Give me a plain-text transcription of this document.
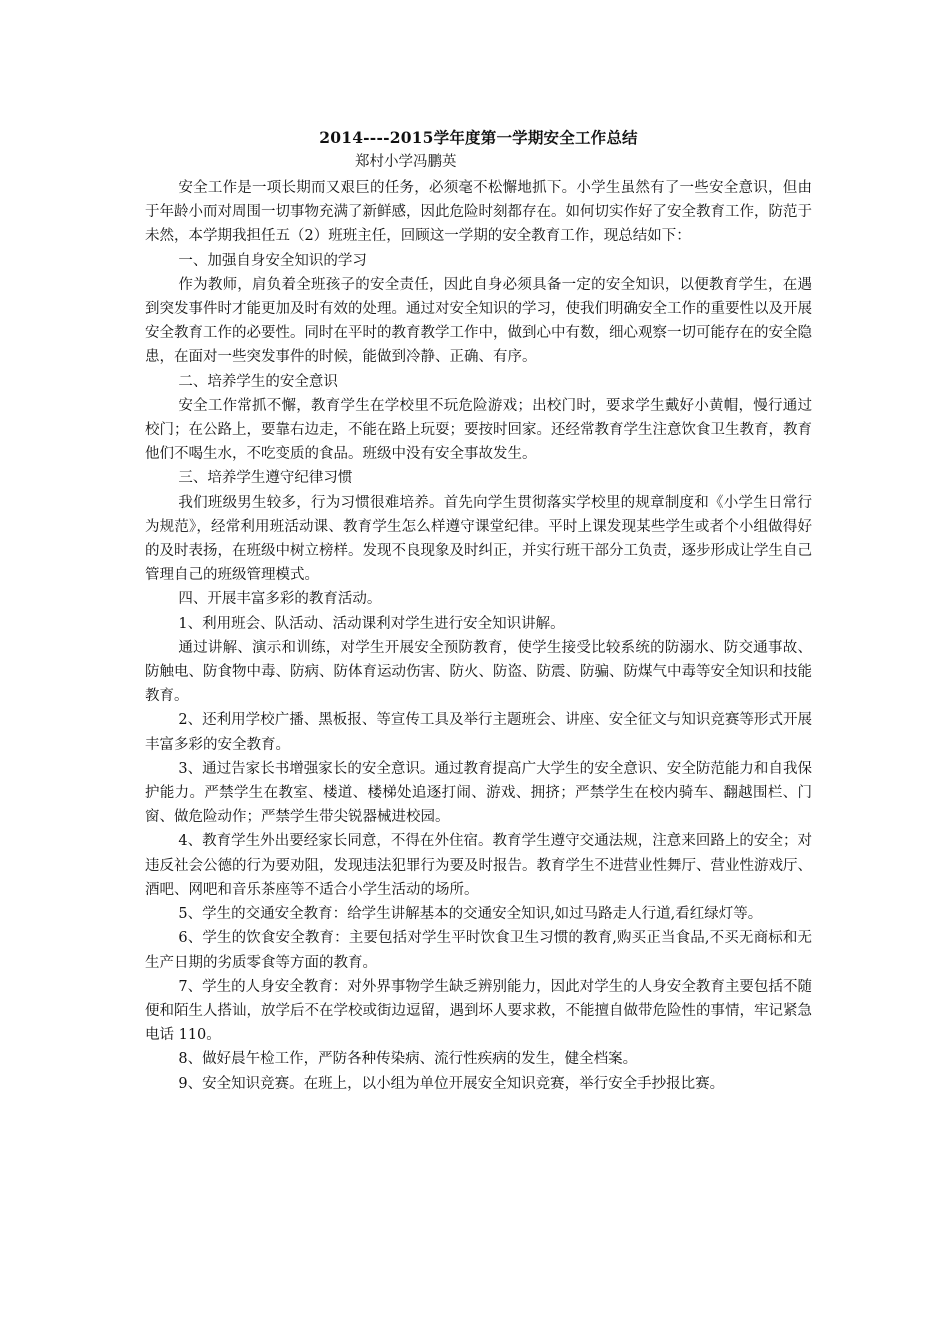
2014----2015学年度第一学期安全工作总结

郑村小学冯鹏英

安全工作是一项长期而又艰巨的任务，必须毫不松懈地抓下。小学生虽然有了一些安全意识，但由于年龄小而对周围一切事物充满了新鲜感，因此危险时刻都存在。如何切实作好了安全教育工作，防范于未然，本学期我担任五（2）班班主任，回顾这一学期的安全教育工作，现总结如下：

一、加强自身安全知识的学习

作为教师，肩负着全班孩子的安全责任，因此自身必须具备一定的安全知识，以便教育学生，在遇到突发事件时才能更加及时有效的处理。通过对安全知识的学习，使我们明确安全工作的重要性以及开展安全教育工作的必要性。同时在平时的教育教学工作中，做到心中有数，细心观察一切可能存在的安全隐患，在面对一些突发事件的时候，能做到冷静、正确、有序。

二、培养学生的安全意识

安全工作常抓不懈，教育学生在学校里不玩危险游戏；出校门时，要求学生戴好小黄帽，慢行通过校门；在公路上，要靠右边走，不能在路上玩耍；要按时回家。还经常教育学生注意饮食卫生教育，教育他们不喝生水，不吃变质的食品。班级中没有安全事故发生。

三、培养学生遵守纪律习惯

我们班级男生较多，行为习惯很难培养。首先向学生贯彻落实学校里的规章制度和《小学生日常行为规范》，经常利用班活动课、教育学生怎么样遵守课堂纪律。平时上课发现某些学生或者个小组做得好的及时表扬，在班级中树立榜样。发现不良现象及时纠正，并实行班干部分工负责，逐步形成让学生自己管理自己的班级管理模式。

四、开展丰富多彩的教育活动。

1、利用班会、队活动、活动课利对学生进行安全知识讲解。

通过讲解、演示和训练，对学生开展安全预防教育，使学生接受比较系统的防溺水、防交通事故、防触电、防食物中毒、防病、防体育运动伤害、防火、防盗、防震、防骗、防煤气中毒等安全知识和技能教育。

2、还利用学校广播、黑板报、等宣传工具及举行主题班会、讲座、安全征文与知识竞赛等形式开展丰富多彩的安全教育。

3、通过告家长书增强家长的安全意识。通过教育提高广大学生的安全意识、安全防范能力和自我保护能力。严禁学生在教室、楼道、楼梯处追逐打闹、游戏、拥挤；严禁学生在校内骑车、翻越围栏、门窗、做危险动作；严禁学生带尖锐器械进校园。

4、教育学生外出要经家长同意，不得在外住宿。教育学生遵守交通法规，注意来回路上的安全；对违反社会公德的行为要劝阻，发现违法犯罪行为要及时报告。教育学生不进营业性舞厅、营业性游戏厅、酒吧、网吧和音乐茶座等不适合小学生活动的场所。

5、学生的交通安全教育：给学生讲解基本的交通安全知识,如过马路走人行道,看红绿灯等。

6、学生的饮食安全教育：主要包括对学生平时饮食卫生习惯的教育,购买正当食品,不买无商标和无生产日期的劣质零食等方面的教育。

7、学生的人身安全教育：对外界事物学生缺乏辨别能力，因此对学生的人身安全教育主要包括不随便和陌生人搭讪，放学后不在学校或街边逗留，遇到坏人要求救，不能擅自做带危险性的事情，牢记紧急电话 110。

8、做好晨午检工作，严防各种传染病、流行性疾病的发生，健全档案。

9、安全知识竞赛。在班上，以小组为单位开展安全知识竞赛，举行安全手抄报比赛。
